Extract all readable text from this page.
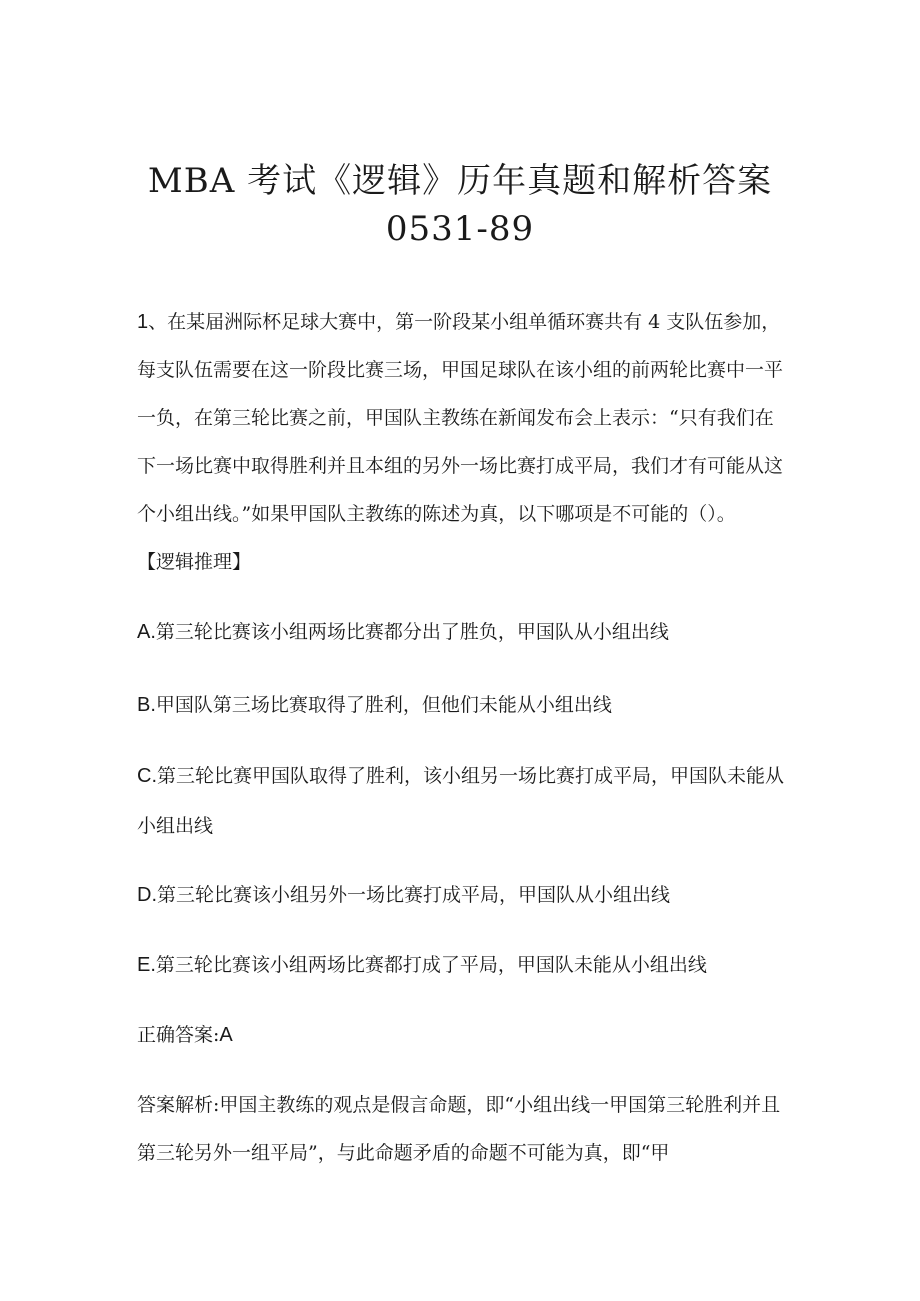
MBA 考试《逻辑》历年真题和解析答案
0531-89

1、在某届洲际杯足球大赛中，第一阶段某小组单循环赛共有 4 支队伍参加，

每支队伍需要在这一阶段比赛三场，甲国足球队在该小组的前两轮比赛中一平

一负，在第三轮比赛之前，甲国队主教练在新闻发布会上表示：“只有我们在

下一场比赛中取得胜利并且本组的另外一场比赛打成平局，我们才有可能从这

个小组出线。”如果甲国队主教练的陈述为真，以下哪项是不可能的（）。

【逻辑推理】

A.第三轮比赛该小组两场比赛都分出了胜负，甲国队从小组出线

B.甲国队第三场比赛取得了胜利，但他们未能从小组出线

C.第三轮比赛甲国队取得了胜利，该小组另一场比赛打成平局，甲国队未能从

小组出线

D.第三轮比赛该小组另外一场比赛打成平局，甲国队从小组出线

E.第三轮比赛该小组两场比赛都打成了平局，甲国队未能从小组出线

正确答案:A

答案解析:甲国主教练的观点是假言命题，即“小组出线一甲国第三轮胜利并且

第三轮另外一组平局”，与此命题矛盾的命题不可能为真，即“甲
